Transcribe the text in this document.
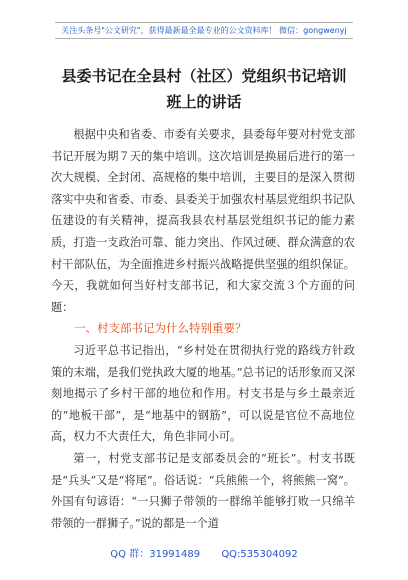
关注头条号"公文研究"，获得最新最全最专业的公文资料库！ 微信：gongwenyj
县委书记在全县村（社区）党组织书记培训班上的讲话

根据中央和省委、市委有关要求，县委每年要对村党支部书记开展为期７天的集中培训。这次培训是换届后进行的第一次大规模、全封闭、高规格的集中培训，主要目的是深入贯彻落实中央和省委、市委、县委关于加强农村基层党组织书记队伍建设的有关精神，提高我县农村基层党组织书记的能力素质，打造一支政治可靠、能力突出、作风过硬、群众满意的农村干部队伍，为全面推进乡村振兴战略提供坚强的组织保证。今天，我就如何当好村支部书记，和大家交流３个方面的问题：

一、村支部书记为什么特别重要？

习近平总书记指出，“乡村处在贯彻执行党的路线方针政策的末端，是我们党执政大厦的地基。”总书记的话形象而又深刻地揭示了乡村干部的地位和作用。村支书是与乡土最亲近的“地板干部”，是“地基中的钢筋”，可以说是官位不高地位高，权力不大责任大，角色非同小可。

第一，村党支部书记是支部委员会的“班长”。村支书既是“兵头”又是“将尾”。俗话说：“兵熊熊一个，将熊熊一窝”。外国有句谚语：“一只狮子带领的一群绵羊能够打败一只绵羊带领的一群狮子。”说的都是一个道

QQ 群：31991489 QQ:535304092
